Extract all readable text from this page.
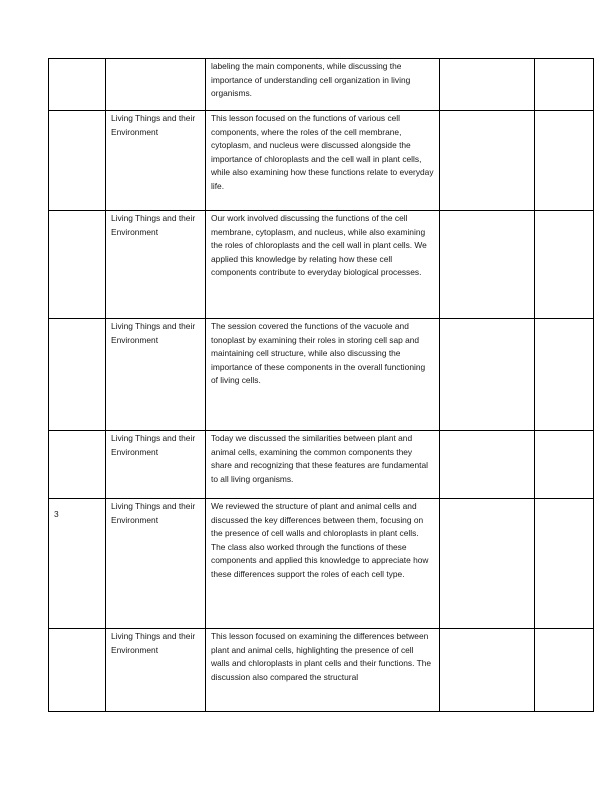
		labeling the main components, while discussing the importance of understanding cell organization in living organisms.		
	Living Things and their Environment	This lesson focused on the functions of various cell components, where the roles of the cell membrane, cytoplasm, and nucleus were discussed alongside the importance of chloroplasts and the cell wall in plant cells, while also examining how these functions relate to everyday life.		
	Living Things and their Environment	Our work involved discussing the functions of the cell membrane, cytoplasm, and nucleus, while also examining the roles of chloroplasts and the cell wall in plant cells. We applied this knowledge by relating how these cell components contribute to everyday biological processes.		
	Living Things and their Environment	The session covered the functions of the vacuole and tonoplast by examining their roles in storing cell sap and maintaining cell structure, while also discussing the importance of these components in the overall functioning of living cells.		
	Living Things and their Environment	Today we discussed the similarities between plant and animal cells, examining the common components they share and recognizing that these features are fundamental to all living organisms.		
3	Living Things and their Environment	We reviewed the structure of plant and animal cells and discussed the key differences between them, focusing on the presence of cell walls and chloroplasts in plant cells. The class also worked through the functions of these components and applied this knowledge to appreciate how these differences support the roles of each cell type.		
	Living Things and their Environment	This lesson focused on examining the differences between plant and animal cells, highlighting the presence of cell walls and chloroplasts in plant cells and their functions. The discussion also compared the structural		
